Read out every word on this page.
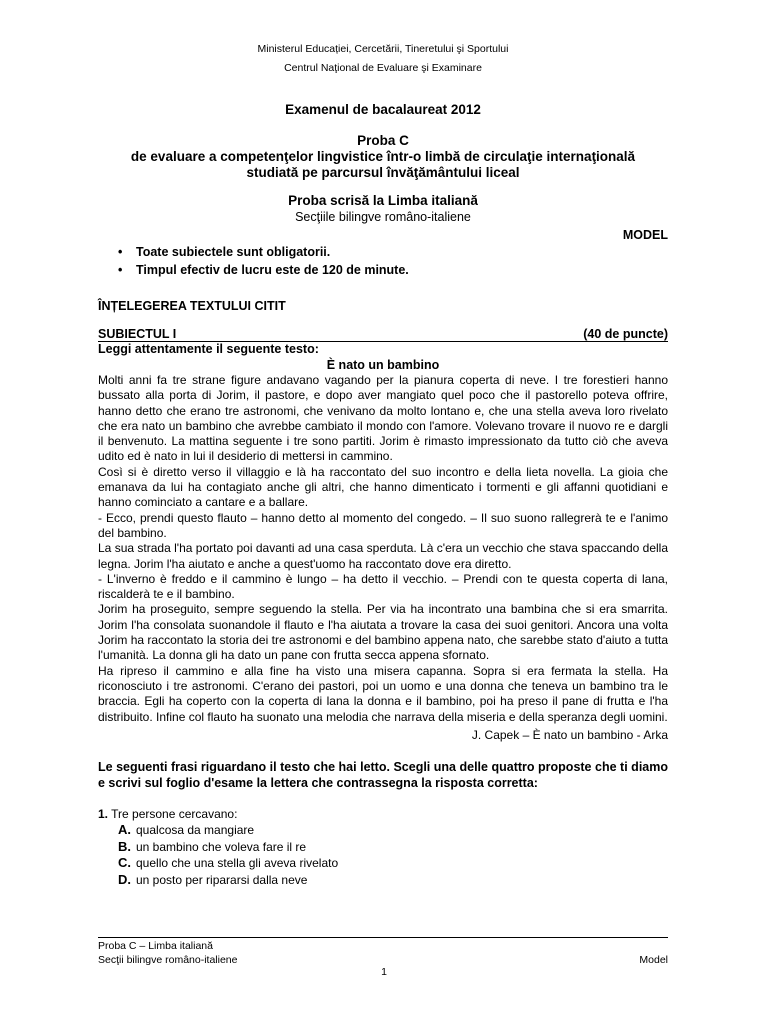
Ministerul Educației, Cercetării, Tineretului şi Sportului
Centrul Naţional de Evaluare şi Examinare
Examenul de bacalaureat 2012
Proba C
de evaluare a competenţelor lingvistice într-o limbă de circulaţie internaţională
studiată pe parcursul învăţământului liceal
Proba scrisă la Limba italiană
Secţiile bilingve româno-italiene
MODEL
• Toate subiectele sunt obligatorii.
• Timpul efectiv de lucru este de 120 de minute.
ÎNȚELEGEREA TEXTULUI CITIT
SUBIECTUL I	(40 de puncte)
Leggi attentamente il seguente testo:
È nato un bambino

Molti anni fa tre strane figure andavano vagando per la pianura coperta di neve. I tre forestieri hanno bussato alla porta di Jorim, il pastore, e dopo aver mangiato quel poco che il pastorello poteva offrire, hanno detto che erano tre astronomi, che venivano da molto lontano e, che una stella aveva loro rivelato che era nato un bambino che avrebbe cambiato il mondo con l'amore. Volevano trovare il nuovo re e dargli il benvenuto. La mattina seguente i tre sono partiti. Jorim è rimasto impressionato da tutto ciò che aveva udito ed è nato in lui il desiderio di mettersi in cammino.

Così si è diretto verso il villaggio e là ha raccontato del suo incontro e della lieta novella. La gioia che emanava da lui ha contagiato anche gli altri, che hanno dimenticato i tormenti e gli affanni quotidiani e hanno cominciato a cantare e a ballare.

- Ecco, prendi questo flauto – hanno detto al momento del congedo. – Il suo suono rallegrerà te e l'animo del bambino.

La sua strada l'ha portato poi davanti ad una casa sperduta. Là c'era un vecchio che stava spaccando della legna. Jorim l'ha aiutato e anche a quest'uomo ha raccontato dove era diretto.

- L'inverno è freddo e il cammino è lungo – ha detto il vecchio. – Prendi con te questa coperta di lana, riscalderà te e il bambino.

Jorim ha proseguito, sempre seguendo la stella. Per via ha incontrato una bambina che si era smarrita. Jorim l'ha consolata suonandole il flauto e l'ha aiutata a trovare la casa dei suoi genitori. Ancora una volta Jorim ha raccontato la storia dei tre astronomi e del bambino appena nato, che sarebbe stato d'aiuto a tutta l'umanità. La donna gli ha dato un pane con frutta secca appena sfornato.

Ha ripreso il cammino e alla fine ha visto una misera capanna. Sopra si era fermata la stella. Ha riconosciuto i tre astronomi. C'erano dei pastori, poi un uomo e una donna che teneva un bambino tra le braccia. Egli ha coperto con la coperta di lana la donna e il bambino, poi ha preso il pane di frutta e l'ha distribuito. Infine col flauto ha suonato una melodia che narrava della miseria e della speranza degli uomini.

J. Capek – È nato un bambino - Arka
Le seguenti frasi riguardano il testo che hai letto. Scegli una delle quattro proposte che ti diamo e scrivi sul foglio d'esame la lettera che contrassegna la risposta corretta:
1. Tre persone cercavano:
A. qualcosa da mangiare
B. un bambino che voleva fare il re
C. quello che una stella gli aveva rivelato
D. un posto per ripararsi dalla neve
Proba C – Limba italiană
Secţii bilingve româno-italiene	Model
1
